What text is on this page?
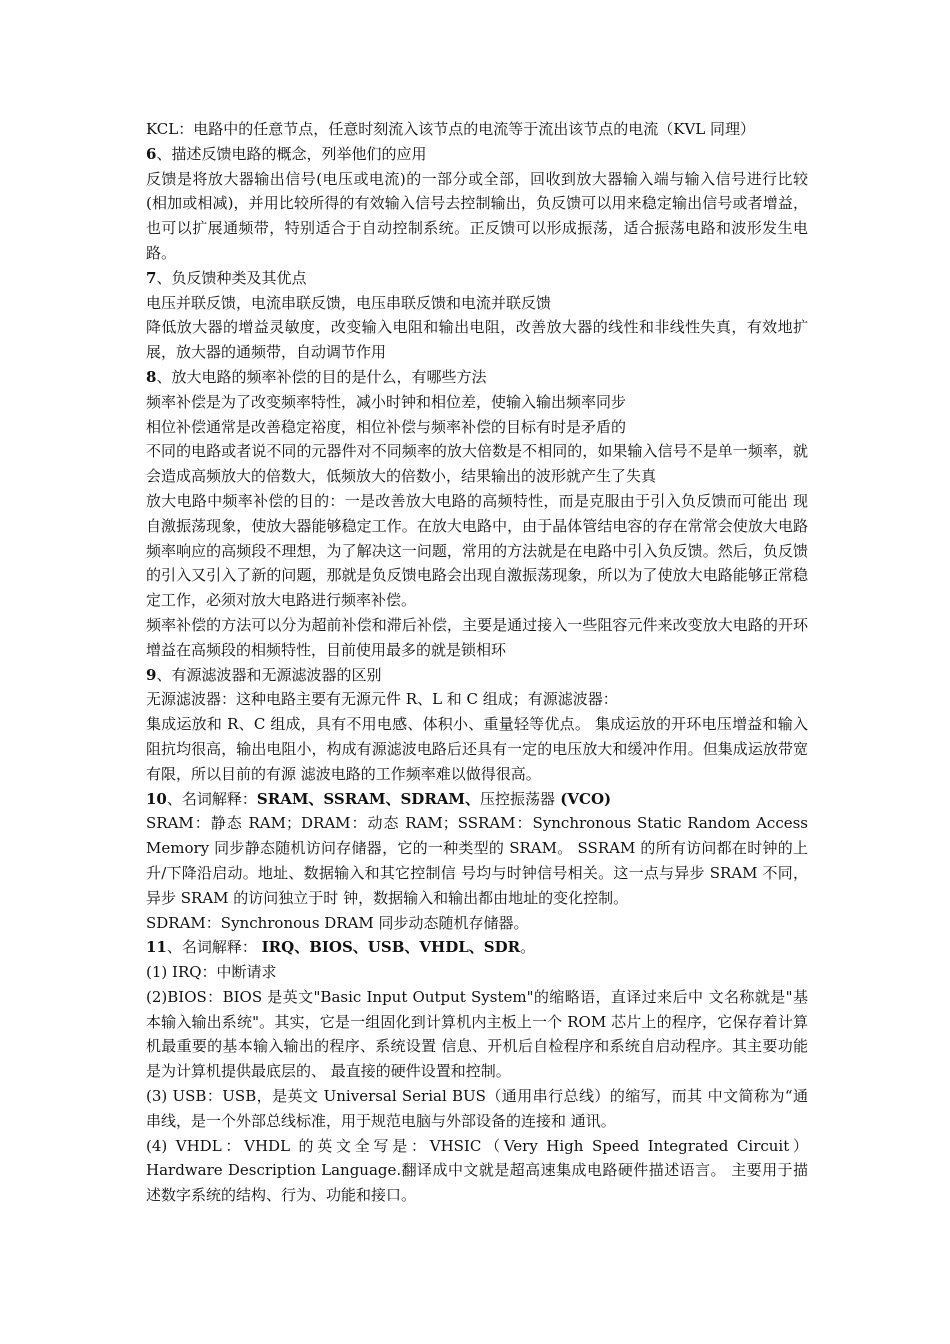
KCL：电路中的任意节点，任意时刻流入该节点的电流等于流出该节点的电流（KVL 同理）

6、描述反馈电路的概念，列举他们的应用

反馈是将放大器输出信号(电压或电流)的一部分或全部，回收到放大器输入端与输入信号进行比较(相加或相减)，并用比较所得的有效输入信号去控制输出，负反馈可以用来稳定输出信号或者增益，也可以扩展通频带，特别适合于自动控制系统。正反馈可以形成振荡，适合振荡电路和波形发生电路。

7、负反馈种类及其优点

电压并联反馈，电流串联反馈，电压串联反馈和电流并联反馈

降低放大器的增益灵敏度，改变输入电阻和输出电阻，改善放大器的线性和非线性失真，有效地扩展，放大器的通频带，自动调节作用

8、放大电路的频率补偿的目的是什么，有哪些方法

频率补偿是为了改变频率特性，减小时钟和相位差，使输入输出频率同步

相位补偿通常是改善稳定裕度，相位补偿与频率补偿的目标有时是矛盾的

不同的电路或者说不同的元器件对不同频率的放大倍数是不相同的，如果输入信号不是单一频率，就会造成高频放大的倍数大，低频放大的倍数小，结果输出的波形就产生了失真

放大电路中频率补偿的目的：一是改善放大电路的高频特性，而是克服由于引入负反馈而可能出 现自激振荡现象，使放大器能够稳定工作。在放大电路中，由于晶体管结电容的存在常常会使放大电路频率响应的高频段不理想，为了解决这一问题，常用的方法就是在电路中引入负反馈。然后，负反馈的引入又引入了新的问题，那就是负反馈电路会出现自激振荡现象，所以为了使放大电路能够正常稳定工作，必须对放大电路进行频率补偿。

频率补偿的方法可以分为超前补偿和滞后补偿，主要是通过接入一些阻容元件来改变放大电路的开环增益在高频段的相频特性，目前使用最多的就是锁相环

9、有源滤波器和无源滤波器的区别

无源滤波器：这种电路主要有无源元件 R、L 和 C 组成；有源滤波器：

集成运放和 R、C 组成，具有不用电感、体积小、重量轻等优点。 集成运放的开环电压增益和输入阻抗均很高，输出电阻小，构成有源滤波电路后还具有一定的电压放大和缓冲作用。但集成运放带宽有限，所以目前的有源 滤波电路的工作频率难以做得很高。

10、名词解释：SRAM、SSRAM、SDRAM、压控振荡器 (VCO)

SRAM：静态 RAM；DRAM：动态 RAM；SSRAM：Synchronous Static Random Access Memory 同步静态随机访问存储器，它的一种类型的 SRAM。 SSRAM 的所有访问都在时钟的上升/下降沿启动。地址、数据输入和其它控制信 号均与时钟信号相关。这一点与异步 SRAM 不同，异步 SRAM 的访问独立于时 钟，数据输入和输出都由地址的变化控制。

SDRAM：Synchronous DRAM 同步动态随机存储器。

11、名词解释： IRQ、BIOS、USB、VHDL、SDR。

(1) IRQ：中断请求

(2)BIOS：BIOS 是英文"Basic Input Output System"的缩略语，直译过来后中 文名称就是"基本输入输出系统"。其实，它是一组固化到计算机内主板上一个 ROM 芯片上的程序，它保存着计算机最重要的基本输入输出的程序、系统设置 信息、开机后自检程序和系统自启动程序。其主要功能是为计算机提供最底层的、 最直接的硬件设置和控制。

(3) USB：USB，是英文 Universal Serial BUS（通用串行总线）的缩写，而其 中文简称为“通串线，是一个外部总线标准，用于规范电脑与外部设备的连接和 通讯。

(4) VHDL：VHDL 的英文全写是：VHSIC（Very High Speed Integrated Circuit） Hardware Description Language.翻译成中文就是超高速集成电路硬件描述语言。 主要用于描述数字系统的结构、行为、功能和接口。
